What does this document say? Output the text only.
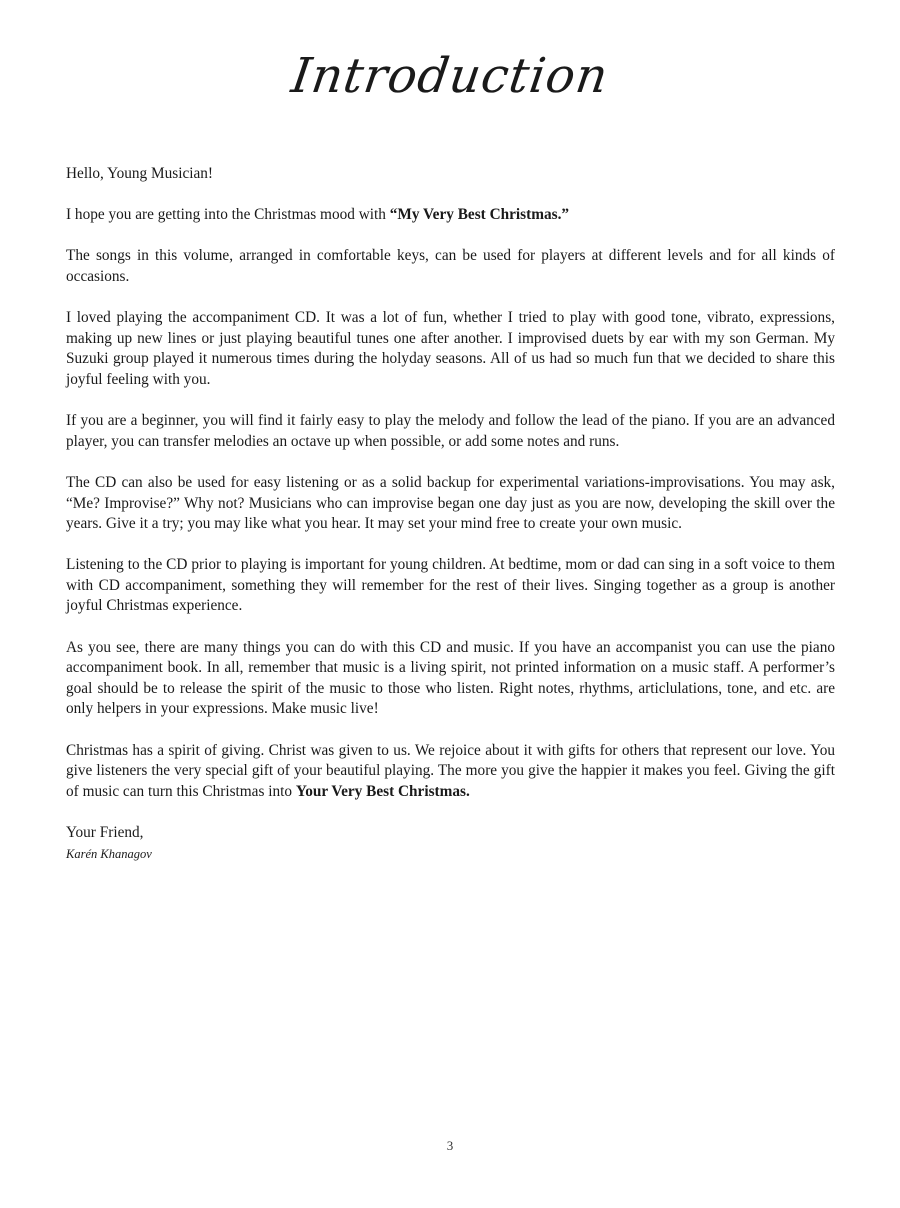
Introduction

Hello, Young Musician!

I hope you are getting into the Christmas mood with “My Very Best Christmas.”

The songs in this volume, arranged in comfortable keys, can be used for players at different levels and for all kinds of occasions.

I loved playing the accompaniment CD. It was a lot of fun, whether I tried to play with good tone, vibrato, expressions, making up new lines or just playing beautiful tunes one after another. I improvised duets by ear with my son German. My Suzuki group played it numerous times during the holyday seasons. All of us had so much fun that we decided to share this joyful feeling with you.

If you are a beginner, you will find it fairly easy to play the melody and follow the lead of the piano. If you are an advanced player, you can transfer melodies an octave up when possible, or add some notes and runs.

The CD can also be used for easy listening or as a solid backup for experimental variations-improvisations. You may ask, “Me? Improvise?” Why not? Musicians who can improvise began one day just as you are now, developing the skill over the years. Give it a try; you may like what you hear. It may set your mind free to create your own music.

Listening to the CD prior to playing is important for young children. At bedtime, mom or dad can sing in a soft voice to them with CD accompaniment, something they will remember for the rest of their lives. Singing together as a group is another joyful Christmas experience.

As you see, there are many things you can do with this CD and music. If you have an accompanist you can use the piano accompaniment book. In all, remember that music is a living spirit, not printed information on a music staff. A performer’s goal should be to release the spirit of the music to those who listen. Right notes, rhythms, articlulations, tone, and etc. are only helpers in your expressions. Make music live!

Christmas has a spirit of giving. Christ was given to us. We rejoice about it with gifts for others that represent our love. You give listeners the very special gift of your beautiful playing. The more you give the happier it makes you feel. Giving the gift of music can turn this Christmas into Your Very Best Christmas.

Your Friend,
Karén Khanagov

3
